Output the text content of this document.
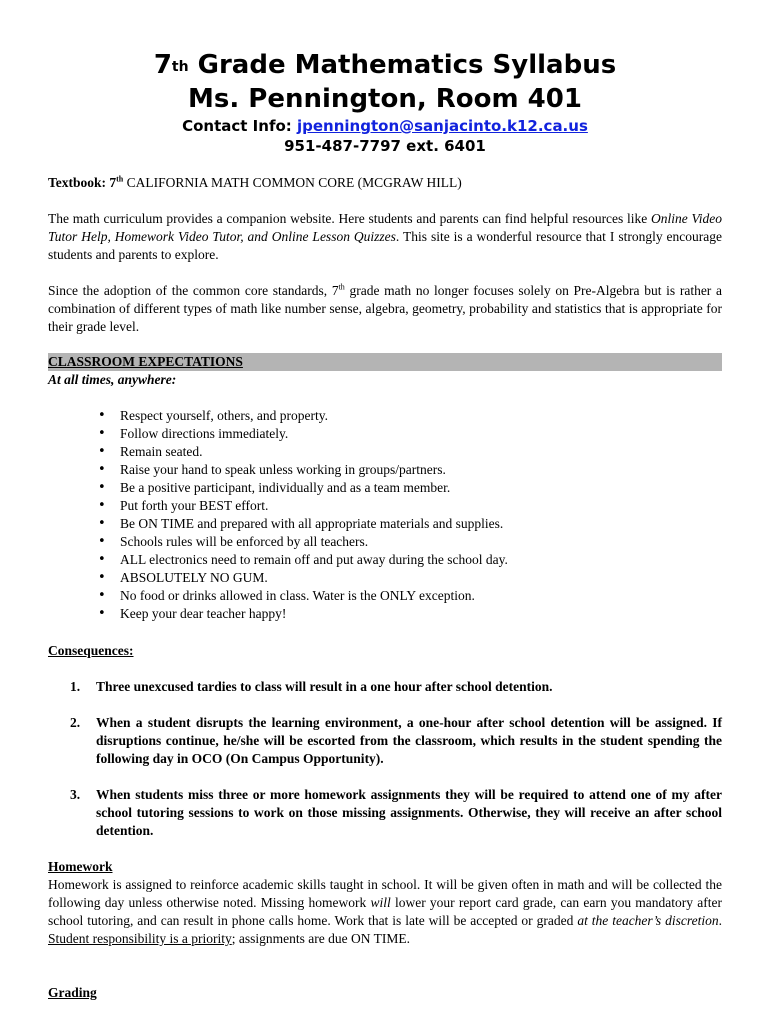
7th Grade Mathematics Syllabus
Ms. Pennington, Room 401
Contact Info: jpennington@sanjacinto.k12.ca.us
951-487-7797 ext. 6401
Textbook: 7th CALIFORNIA MATH COMMON CORE (MCGRAW HILL)
The math curriculum provides a companion website. Here students and parents can find helpful resources like Online Video Tutor Help, Homework Video Tutor, and Online Lesson Quizzes. This site is a wonderful resource that I strongly encourage students and parents to explore.
Since the adoption of the common core standards, 7th grade math no longer focuses solely on Pre-Algebra but is rather a combination of different types of math like number sense, algebra, geometry, probability and statistics that is appropriate for their grade level.
CLASSROOM EXPECTATIONS
At all times, anywhere:
• Respect yourself, others, and property.
• Follow directions immediately.
• Remain seated.
• Raise your hand to speak unless working in groups/partners.
• Be a positive participant, individually and as a team member.
• Put forth your BEST effort.
• Be ON TIME and prepared with all appropriate materials and supplies.
• Schools rules will be enforced by all teachers.
• ALL electronics need to remain off and put away during the school day.
• ABSOLUTELY NO GUM.
• No food or drinks allowed in class. Water is the ONLY exception.
• Keep your dear teacher happy!
Consequences:
1. Three unexcused tardies to class will result in a one hour after school detention.
2. When a student disrupts the learning environment, a one-hour after school detention will be assigned. If disruptions continue, he/she will be escorted from the classroom, which results in the student spending the following day in OCO (On Campus Opportunity).
3. When students miss three or more homework assignments they will be required to attend one of my after school tutoring sessions to work on those missing assignments. Otherwise, they will receive an after school detention.
Homework
Homework is assigned to reinforce academic skills taught in school. It will be given often in math and will be collected the following day unless otherwise noted. Missing homework will lower your report card grade, can earn you mandatory after school tutoring, and can result in phone calls home. Work that is late will be accepted or graded at the teacher’s discretion. Student responsibility is a priority; assignments are due ON TIME.
Grading
